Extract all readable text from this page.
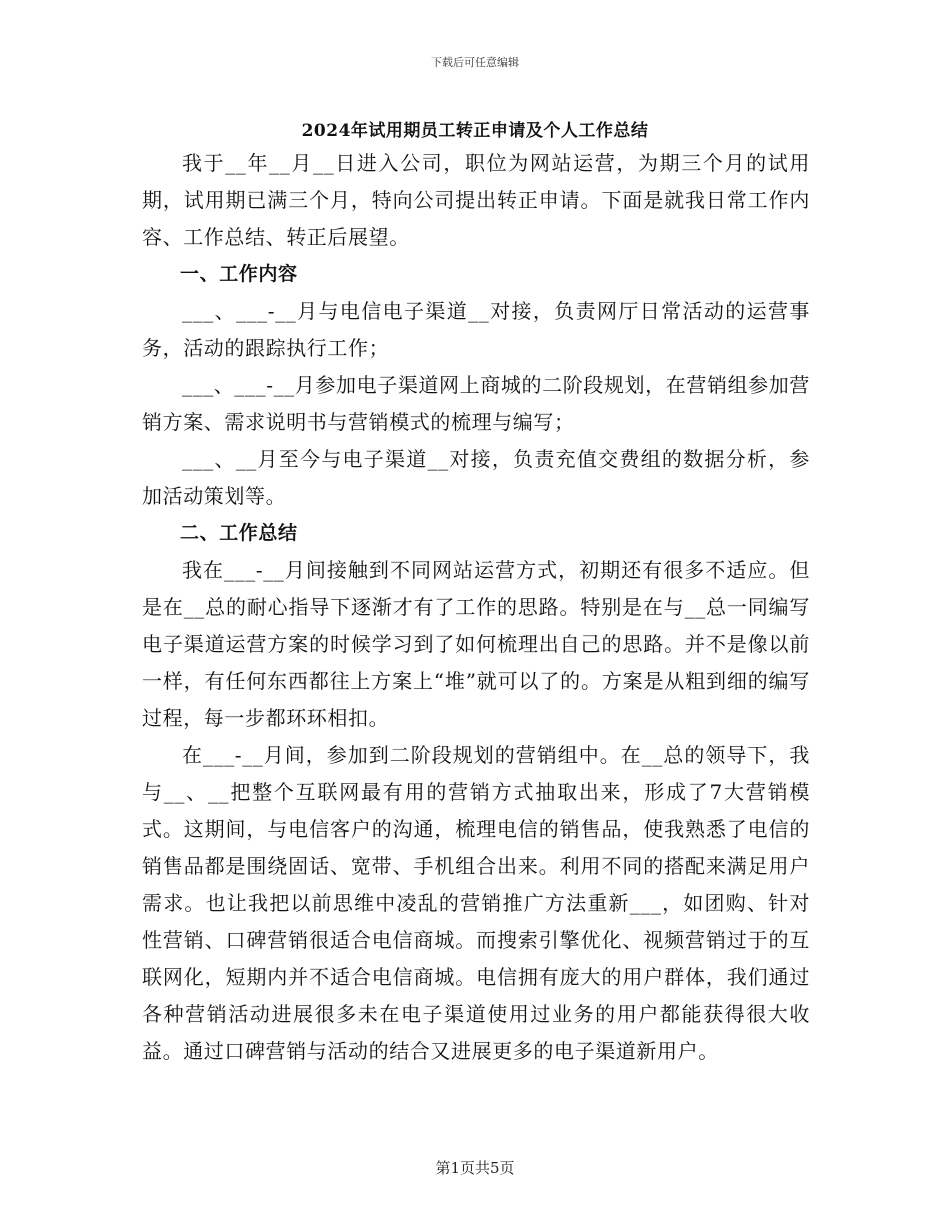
下载后可任意编辑
2024年试用期员工转正申请及个人工作总结

我于__年__月__日进入公司，职位为网站运营，为期三个月的试用期，试用期已满三个月，特向公司提出转正申请。下面是就我日常工作内容、工作总结、转正后展望。

一、工作内容

___、___-__月与电信电子渠道__对接，负责网厅日常活动的运营事务，活动的跟踪执行工作；

___、___-__月参加电子渠道网上商城的二阶段规划，在营销组参加营销方案、需求说明书与营销模式的梳理与编写；

___、__月至今与电子渠道__对接，负责充值交费组的数据分析，参加活动策划等。

二、工作总结

我在___-__月间接触到不同网站运营方式，初期还有很多不适应。但是在__总的耐心指导下逐渐才有了工作的思路。特别是在与__总一同编写电子渠道运营方案的时候学习到了如何梳理出自己的思路。并不是像以前一样，有任何东西都往上方案上“堆”就可以了的。方案是从粗到细的编写过程，每一步都环环相扣。

在___-__月间，参加到二阶段规划的营销组中。在__总的领导下，我与__、__把整个互联网最有用的营销方式抽取出来，形成了7大营销模式。这期间，与电信客户的沟通，梳理电信的销售品，使我熟悉了电信的销售品都是围绕固话、宽带、手机组合出来。利用不同的搭配来满足用户需求。也让我把以前思维中凌乱的营销推广方法重新___，如团购、针对性营销、口碑营销很适合电信商城。而搜索引擎优化、视频营销过于的互联网化，短期内并不适合电信商城。电信拥有庞大的用户群体，我们通过各种营销活动进展很多未在电子渠道使用过业务的用户都能获得很大收益。通过口碑营销与活动的结合又进展更多的电子渠道新用户。

第1页共5页
